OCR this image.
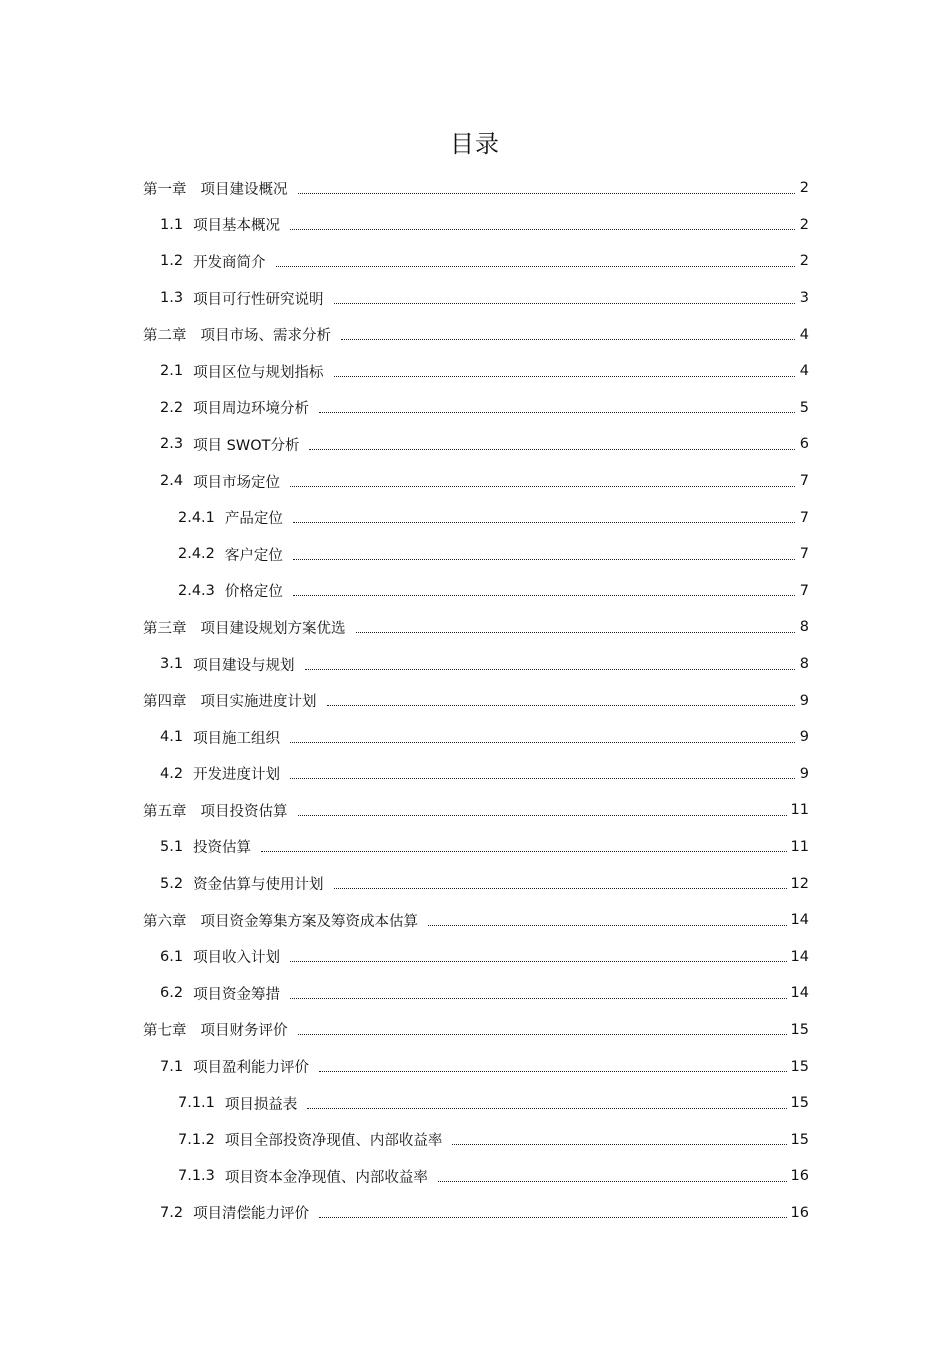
目录
第一章 项目建设概况	2
1.1 项目基本概况	2
1.2 开发商简介	2
1.3 项目可行性研究说明	3
第二章 项目市场、需求分析	4
2.1 项目区位与规划指标	4
2.2 项目周边环境分析	5
2.3 项目 SWOT分析	6
2.4 项目市场定位	7
2.4.1 产品定位	7
2.4.2 客户定位	7
2.4.3 价格定位	7
第三章 项目建设规划方案优选	8
3.1 项目建设与规划	8
第四章 项目实施进度计划	9
4.1 项目施工组织	9
4.2 开发进度计划	9
第五章 项目投资估算	11
5.1 投资估算	11
5.2 资金估算与使用计划	12
第六章 项目资金筹集方案及筹资成本估算	14
6.1 项目收入计划	14
6.2 项目资金筹措	14
第七章 项目财务评价	15
7.1 项目盈利能力评价	15
7.1.1 项目损益表	15
7.1.2 项目全部投资净现值、内部收益率	15
7.1.3 项目资本金净现值、内部收益率	16
7.2 项目清偿能力评价	16
